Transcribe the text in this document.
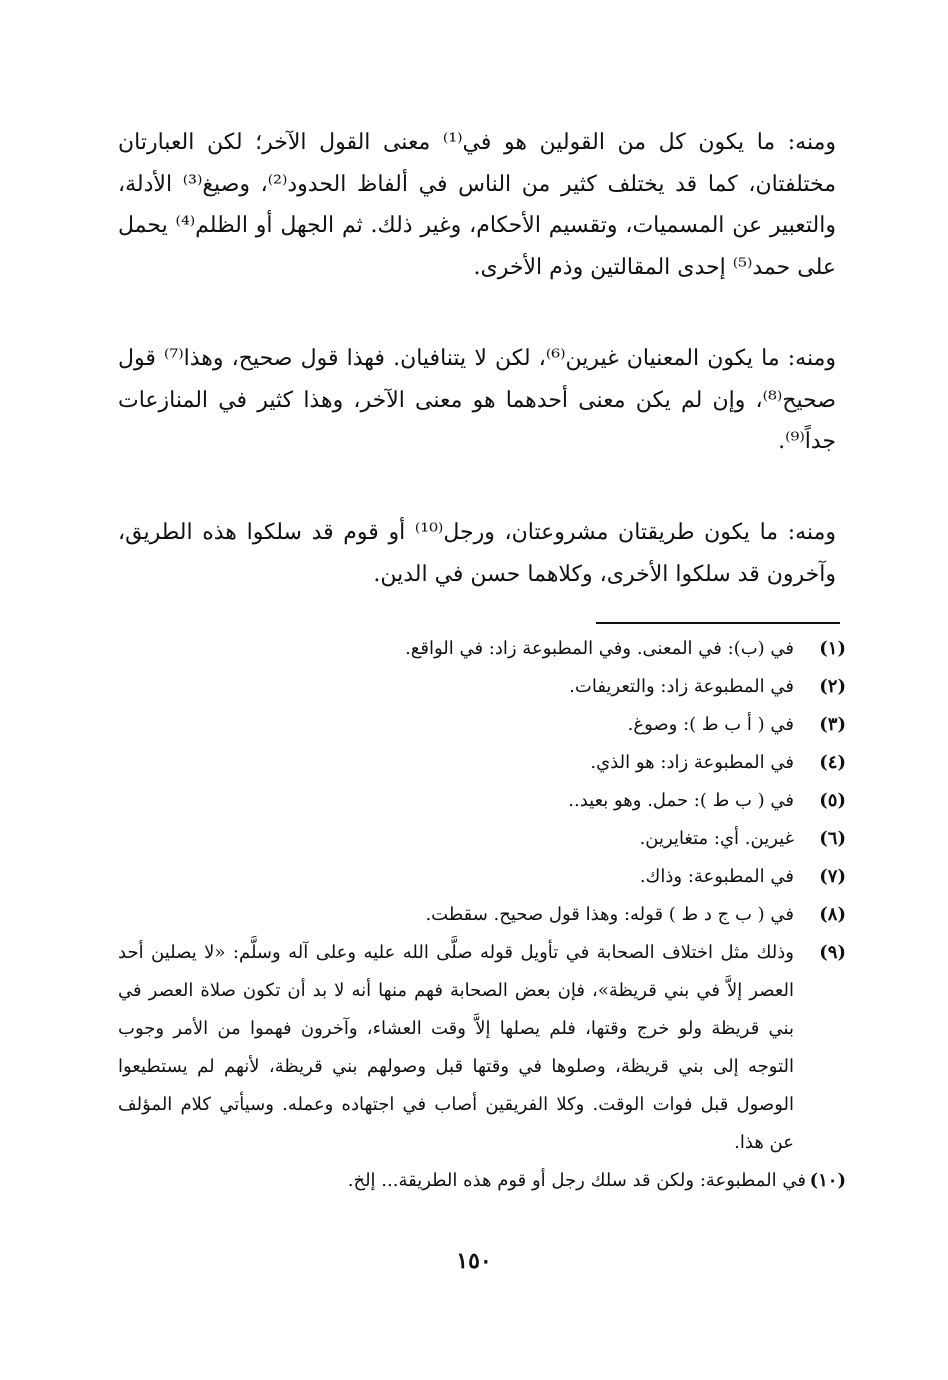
ومنه: ما يكون كل من القولين هو في⁽¹⁾ معنى القول الآخر؛ لكن العبارتان مختلفتان، كما قد يختلف كثير من الناس في ألفاظ الحدود⁽²⁾، وصيغ⁽³⁾ الأدلة، والتعبير عن المسميات، وتقسيم الأحكام، وغير ذلك. ثم الجهل أو الظلم⁽⁴⁾ يحمل على حمد⁽⁵⁾ إحدى المقالتين وذم الأخرى.

ومنه: ما يكون المعنيان غيرين⁽⁶⁾، لكن لا يتنافيان. فهذا قول صحيح، وهذا⁽⁷⁾ قول صحيح⁽⁸⁾، وإن لم يكن معنى أحدهما هو معنى الآخر، وهذا كثير في المنازعات جداً⁽⁹⁾.

ومنه: ما يكون طريقتان مشروعتان، ورجل⁽¹⁰⁾ أو قوم قد سلكوا هذه الطريق، وآخرون قد سلكوا الأخرى، وكلاهما حسن في الدين.

(١)
في (ب): في المعنى. وفي المطبوعة زاد: في الواقع.
(٢)
في المطبوعة زاد: والتعريفات.
(٣)
في ( أ ب ط ): وصوغ.
(٤)
في المطبوعة زاد: هو الذي.
(٥)
في ( ب ط ): حمل. وهو بعيد..
(٦)
غيرين. أي: متغايرين.
(٧)
في المطبوعة: وذاك.
(٨)
في ( ب ج د ط ) قوله: وهذا قول صحيح. سقطت.
(٩)
وذلك مثل اختلاف الصحابة في تأويل قوله صلَّى الله عليه وعلى آله وسلَّم: «لا يصلين أحد العصر إلاَّ في بني قريظة»، فإن بعض الصحابة فهم منها أنه لا بد أن تكون صلاة العصر في بني قريظة ولو خرج وقتها، فلم يصلها إلاَّ وقت العشاء، وآخرون فهموا من الأمر وجوب التوجه إلى بني قريظة، وصلوها في وقتها قبل وصولهم بني قريظة، لأنهم لم يستطيعوا الوصول قبل فوات الوقت. وكلا الفريقين أصاب في اجتهاده وعمله. وسيأتي كلام المؤلف عن هذا.
(١٠)
في المطبوعة: ولكن قد سلك رجل أو قوم هذه الطريقة... إلخ.
١٥٠
